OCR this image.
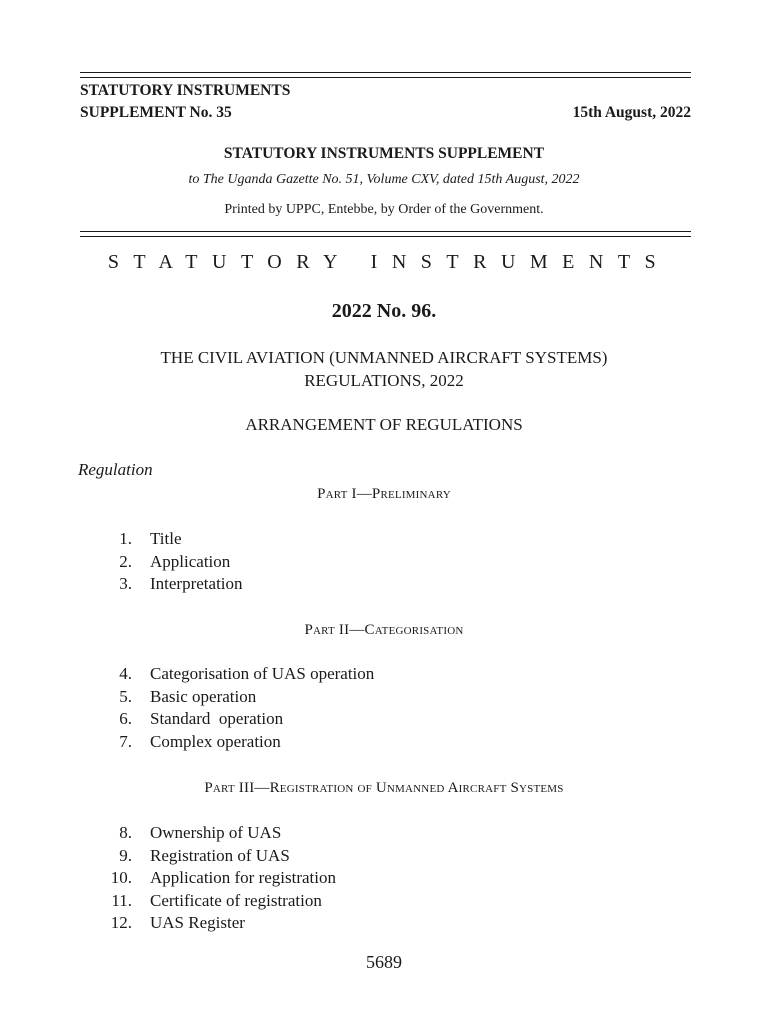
STATUTORY INSTRUMENTS
SUPPLEMENT No. 35	15th August, 2022
STATUTORY INSTRUMENTS SUPPLEMENT
to The Uganda Gazette No. 51, Volume CXV, dated 15th August, 2022
Printed by UPPC, Entebbe, by Order of the Government.
STATUTORY INSTRUMENTS
2022 No. 96.
THE CIVIL AVIATION (UNMANNED AIRCRAFT SYSTEMS)
REGULATIONS, 2022
ARRANGEMENT OF REGULATIONS
Regulation
Part I—Preliminary
1. Title
2. Application
3. Interpretation
Part II—Categorisation
4. Categorisation of UAS operation
5. Basic operation
6. Standard  operation
7. Complex operation
Part III—Registration of Unmanned Aircraft Systems
8. Ownership of UAS
9. Registration of UAS
10. Application for registration
11. Certificate of registration
12. UAS Register
5689
